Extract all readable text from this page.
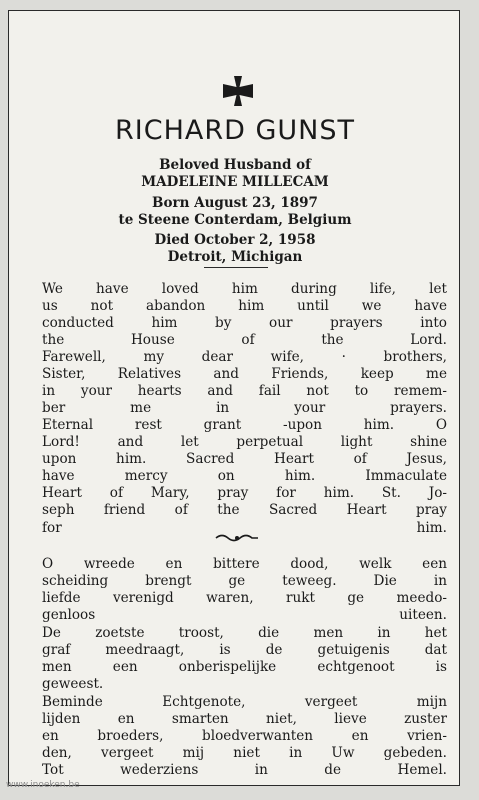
RICHARD GUNST
Beloved Husband of
MADELEINE MILLECAM
Born August 23, 1897
te Steene Conterdam, Belgium
Died October 2, 1958
Detroit, Michigan
We have loved him during life, let
us not abandon him until we have
conducted him by our prayers into
the House of the Lord.
Farewell, my dear wife, · brothers,
Sister, Relatives and Friends, keep me
in your hearts and fail not to remem-
ber me in your prayers.
Eternal rest grant -upon him. O
Lord! and let perpetual light shine
upon him. Sacred Heart of Jesus,
have mercy on him. Immaculate
Heart of Mary, pray for him. St. Jo-
seph friend of the Sacred Heart pray
for him.
O wreede en bittere dood, welk een
scheiding brengt ge teweeg. Die in
liefde verenigd waren, rukt ge meedo-
genloos uiteen.
De zoetste troost, die men in het
graf meedraagt, is de getuigenis dat
men een onberispelijke echtgenoot is
geweest.
Beminde Echtgenote, vergeet mijn
lijden en smarten niet, lieve zuster
en broeders, bloedverwanten en vrien-
den, vergeet mij niet in Uw gebeden.
Tot wederziens in de Hemel.
www.inoeken.be
